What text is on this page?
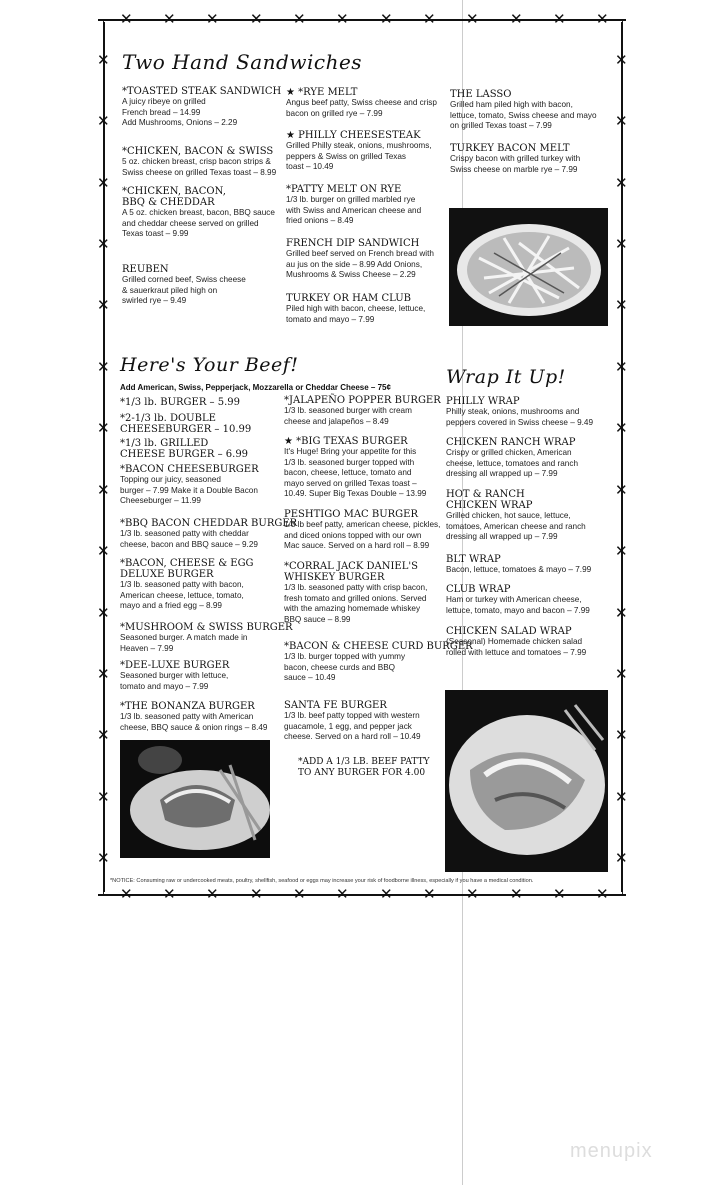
✕ ✕ ✕ ✕ ✕ ✕ ✕ ✕ ✕ ✕ ✕ ✕
✕ ✕ ✕ ✕ ✕ ✕ ✕ ✕ ✕ ✕ ✕ ✕
✕
✕
✕
✕
✕
✕
✕
✕
✕
✕
✕
✕
✕
✕
✕
✕
✕
✕
✕
✕
✕
✕
✕
✕
✕
✕
✕
✕
Two Hand Sandwiches
Here's Your Beef!
Add American, Swiss, Pepperjack, Mozzarella or Cheddar Cheese – 75¢	Wrap It Up!
*TOASTED STEAK SANDWICH
A juicy ribeye on grilled
French bread – 14.99
Add Mushrooms, Onions – 2.29
*CHICKEN, BACON & SWISS
5 oz. chicken breast, crisp bacon strips &
Swiss cheese on grilled Texas toast – 8.99
*CHICKEN, BACON,
BBQ & CHEDDAR
A 5 oz. chicken breast, bacon, BBQ sauce
and cheddar cheese served on grilled
Texas toast – 9.99
REUBEN
Grilled corned beef, Swiss cheese
& sauerkraut piled high on
swirled rye – 9.49
★ *RYE MELT
Angus beef patty, Swiss cheese and crisp
bacon on grilled rye – 7.99
★ PHILLY CHEESESTEAK
Grilled Philly steak, onions, mushrooms,
peppers & Swiss on grilled Texas
toast – 10.49
*PATTY MELT ON RYE
1/3 lb. burger on grilled marbled rye
with Swiss and American cheese and
fried onions – 8.49
FRENCH DIP SANDWICH
Grilled beef served on French bread with
au jus on the side – 8.99 Add Onions,
Mushrooms & Swiss Cheese – 2.29
TURKEY OR HAM CLUB
Piled high with bacon, cheese, lettuce,
tomato and mayo – 7.99
THE LASSO
Grilled ham piled high with bacon,
lettuce, tomato, Swiss cheese and mayo
on grilled Texas toast – 7.99
TURKEY BACON MELT
Crispy bacon with grilled turkey with
Swiss cheese on marble rye – 7.99
*1/3 lb. BURGER – 5.99
*2-1/3 lb. DOUBLE
CHEESEBURGER – 10.99
*1/3 lb. GRILLED
CHEESE BURGER – 6.99
*BACON CHEESEBURGER
Topping our juicy, seasoned
burger – 7.99 Make it a Double Bacon
Cheeseburger – 11.99
*BBQ BACON CHEDDAR BURGER
1/3 lb. seasoned patty with cheddar
cheese, bacon and BBQ sauce – 9.29
*BACON, CHEESE & EGG
DELUXE BURGER
1/3 lb. seasoned patty with bacon,
American cheese, lettuce, tomato,
mayo and a fried egg – 8.99
*MUSHROOM & SWISS BURGER
Seasoned burger. A match made in
Heaven – 7.99
*DEE-LUXE BURGER
Seasoned burger with lettuce,
tomato and mayo – 7.99
*THE BONANZA BURGER
1/3 lb. seasoned patty with American
cheese, BBQ sauce & onion rings – 8.49
*JALAPEÑO POPPER BURGER
1/3 lb. seasoned burger with cream
cheese and jalapeños – 8.49
★ *BIG TEXAS BURGER
It's Huge! Bring your appetite for this
1/3 lb. seasoned burger topped with
bacon, cheese, lettuce, tomato and
mayo served on grilled Texas toast –
10.49. Super Big Texas Double – 13.99
PESHTIGO MAC BURGER
1/3 lb beef patty, american cheese, pickles,
and diced onions topped with our own
Mac sauce. Served on a hard roll – 8.99
*CORRAL JACK DANIEL'S
WHISKEY BURGER
1/3 lb. seasoned patty with crisp bacon,
fresh tomato and grilled onions. Served
with the amazing homemade whiskey
BBQ sauce – 8.99
*BACON & CHEESE CURD BURGER
1/3 lb. burger topped with yummy
bacon, cheese curds and BBQ
sauce – 10.49
SANTA FE BURGER
1/3 lb. beef patty topped with western
guacamole, 1 egg, and pepper jack
cheese. Served on a hard roll – 10.49
*ADD A 1/3 LB. BEEF PATTY
TO ANY BURGER FOR 4.00
PHILLY WRAP
Philly steak, onions, mushrooms and
peppers covered in Swiss cheese – 9.49
CHICKEN RANCH WRAP
Crispy or grilled chicken, American
cheese, lettuce, tomatoes and ranch
dressing all wrapped up – 7.99
HOT & RANCH
CHICKEN WRAP
Grilled chicken, hot sauce, lettuce,
tomatoes, American cheese and ranch
dressing all wrapped up – 7.99
BLT WRAP
Bacon, lettuce, tomatoes & mayo – 7.99
CLUB WRAP
Ham or turkey with American cheese,
lettuce, tomato, mayo and bacon – 7.99
CHICKEN SALAD WRAP
(Seasonal) Homemade chicken salad
rolled with lettuce and tomatoes – 7.99
*NOTICE: Consuming raw or undercooked meats, poultry, shellfish, seafood or eggs may increase your risk of foodborne illness, especially if you have a medical condition.
menupix
